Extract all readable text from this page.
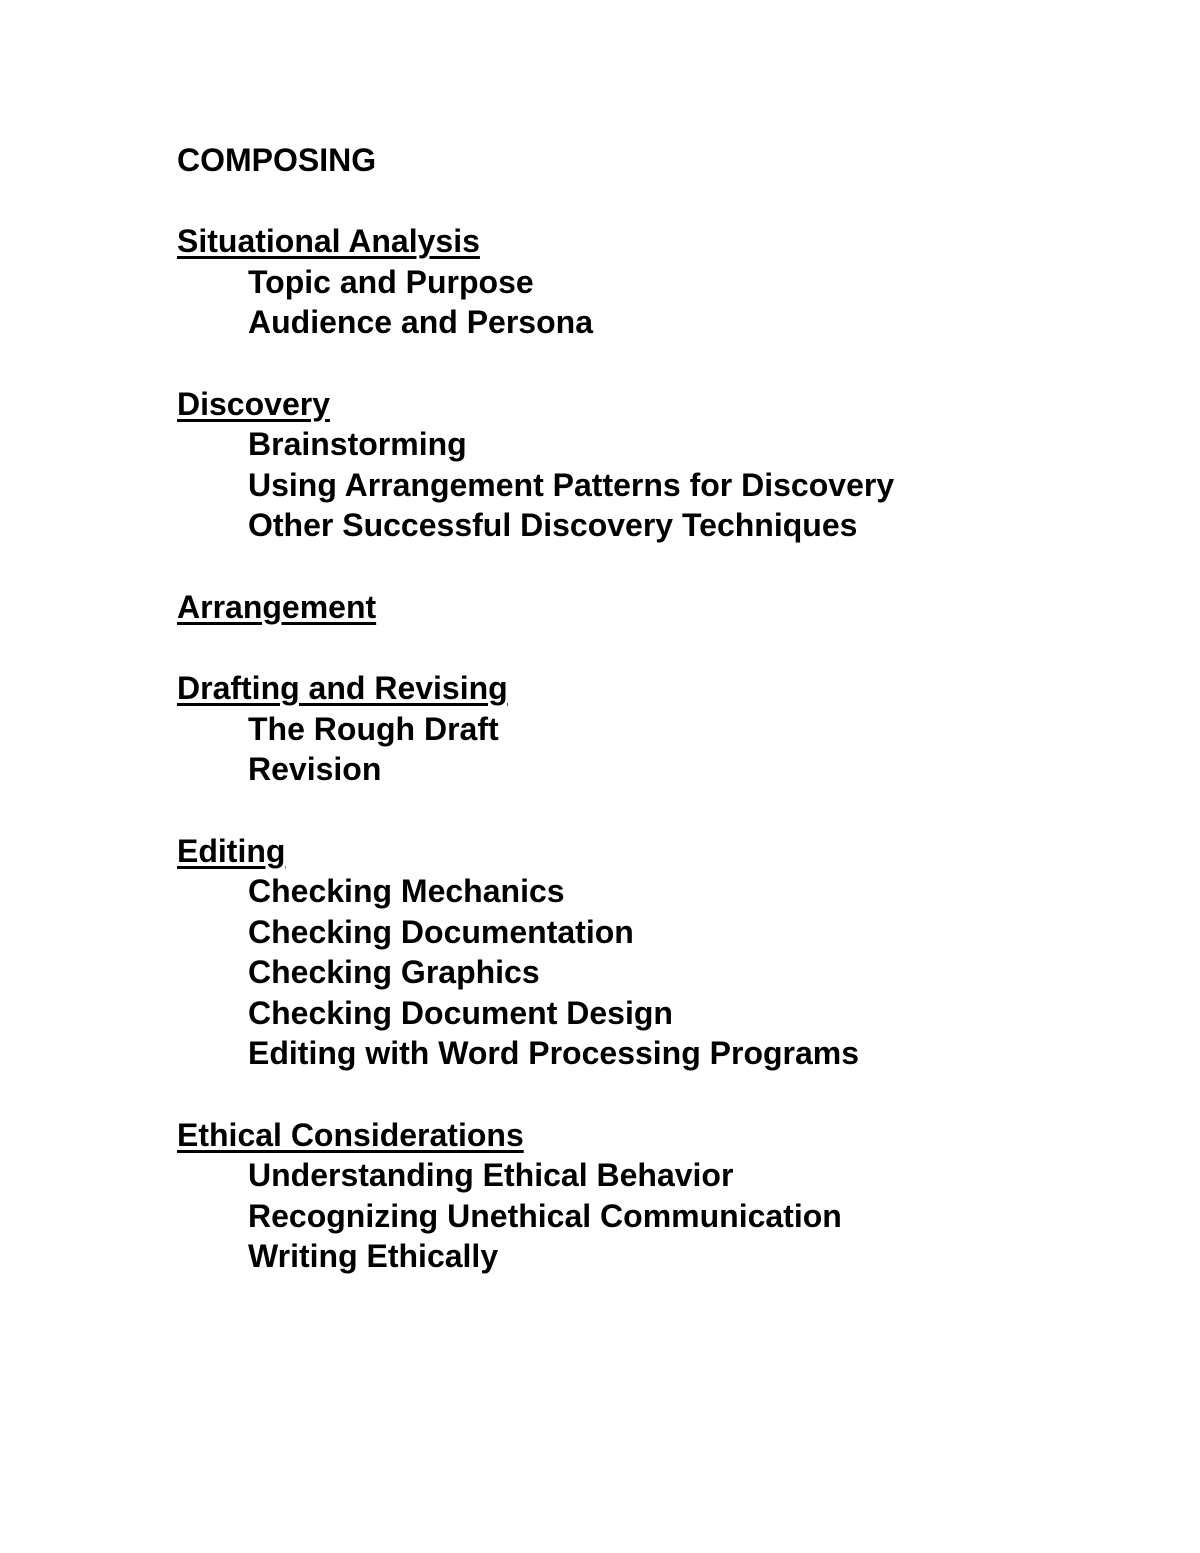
COMPOSING
Situational Analysis
Topic and Purpose
Audience and Persona
Discovery
Brainstorming
Using Arrangement Patterns for Discovery
Other Successful Discovery Techniques
Arrangement
Drafting and Revising
The Rough Draft
Revision
Editing
Checking Mechanics
Checking Documentation
Checking Graphics
Checking Document Design
Editing with Word Processing Programs
Ethical Considerations
Understanding Ethical Behavior
Recognizing Unethical Communication
Writing Ethically
